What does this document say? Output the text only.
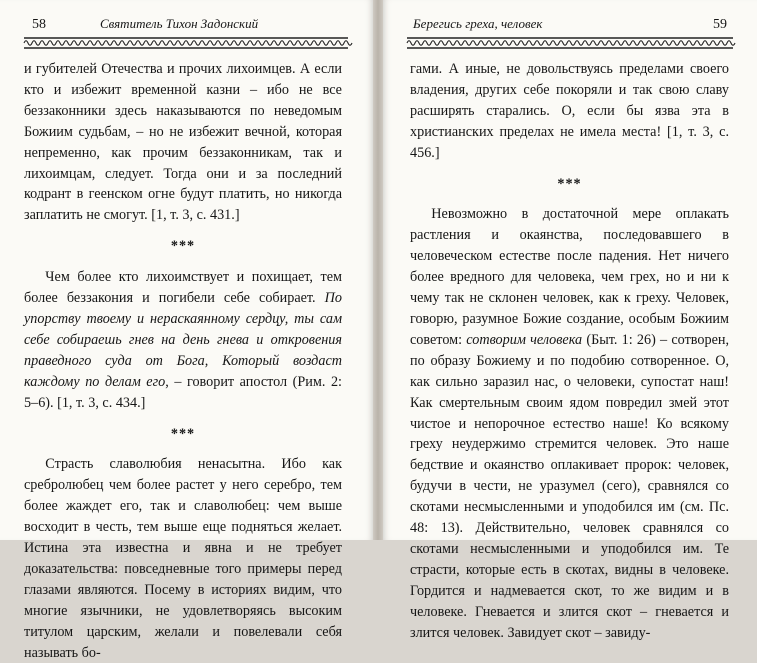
58	Святитель Тихон Задонский

и губителей Отечества и прочих лихоимцев. А если кто и избежит временной казни – ибо не все беззаконники здесь наказываются по неведомым Божиим судьбам, – но не избежит вечной, которая непременно, как прочим беззаконникам, так и лихоимцам, следует. Тогда они и за последний кодрант в геенском огне будут платить, но никогда заплатить не смогут. [1, т. 3, с. 431.]

***

Чем более кто лихоимствует и похищает, тем более беззакония и погибели себе собирает. По упорству твоему и нераскаянному сердцу, ты сам себе собираешь гнев на день гнева и откровения праведного суда от Бога, Который воздаст каждому по делам его, – говорит апостол (Рим. 2: 5–6). [1, т. 3, с. 434.]

***

Страсть славолюбия ненасытна. Ибо как сребролюбец чем более растет у него серебро, тем более жаждет его, так и славолюбец: чем выше восходит в честь, тем выше еще подняться желает. Истина эта известна и явна и не требует доказательства: повседневные того примеры перед глазами являются. Посему в историях видим, что многие язычники, не удовлетворяясь высоким титулом царским, желали и повелевали себя называть бо-

Берегись греха, человек	59

гами. А иные, не довольствуясь пределами своего владения, других себе покоряли и так свою славу расширять старались. О, если бы язва эта в христианских пределах не имела места! [1, т. 3, с. 456.]

***

Невозможно в достаточной мере оплакать растления и окаянства, последовавшего в человеческом естестве после падения. Нет ничего более вредного для человека, чем грех, но и ни к чему так не склонен человек, как к греху. Человек, говорю, разумное Божие создание, особым Божиим советом: сотворим человека (Быт. 1: 26) – сотворен, по образу Божиему и по подобию сотворенное. О, как сильно заразил нас, о человеки, супостат наш! Как смертельным своим ядом повредил змей этот чистое и непорочное естество наше! Ко всякому греху неудержимо стремится человек. Это наше бедствие и окаянство оплакивает пророк: человек, будучи в чести, не уразумел (сего), сравнялся со скотами несмысленными и уподобился им (см. Пс. 48: 13). Действительно, человек сравнялся со скотами несмысленными и уподобился им. Те страсти, которые есть в скотах, видны в человеке. Гордится и надмевается скот, то же видим и в человеке. Гневается и злится скот – гневается и злится человек. Завидует скот – завиду-
